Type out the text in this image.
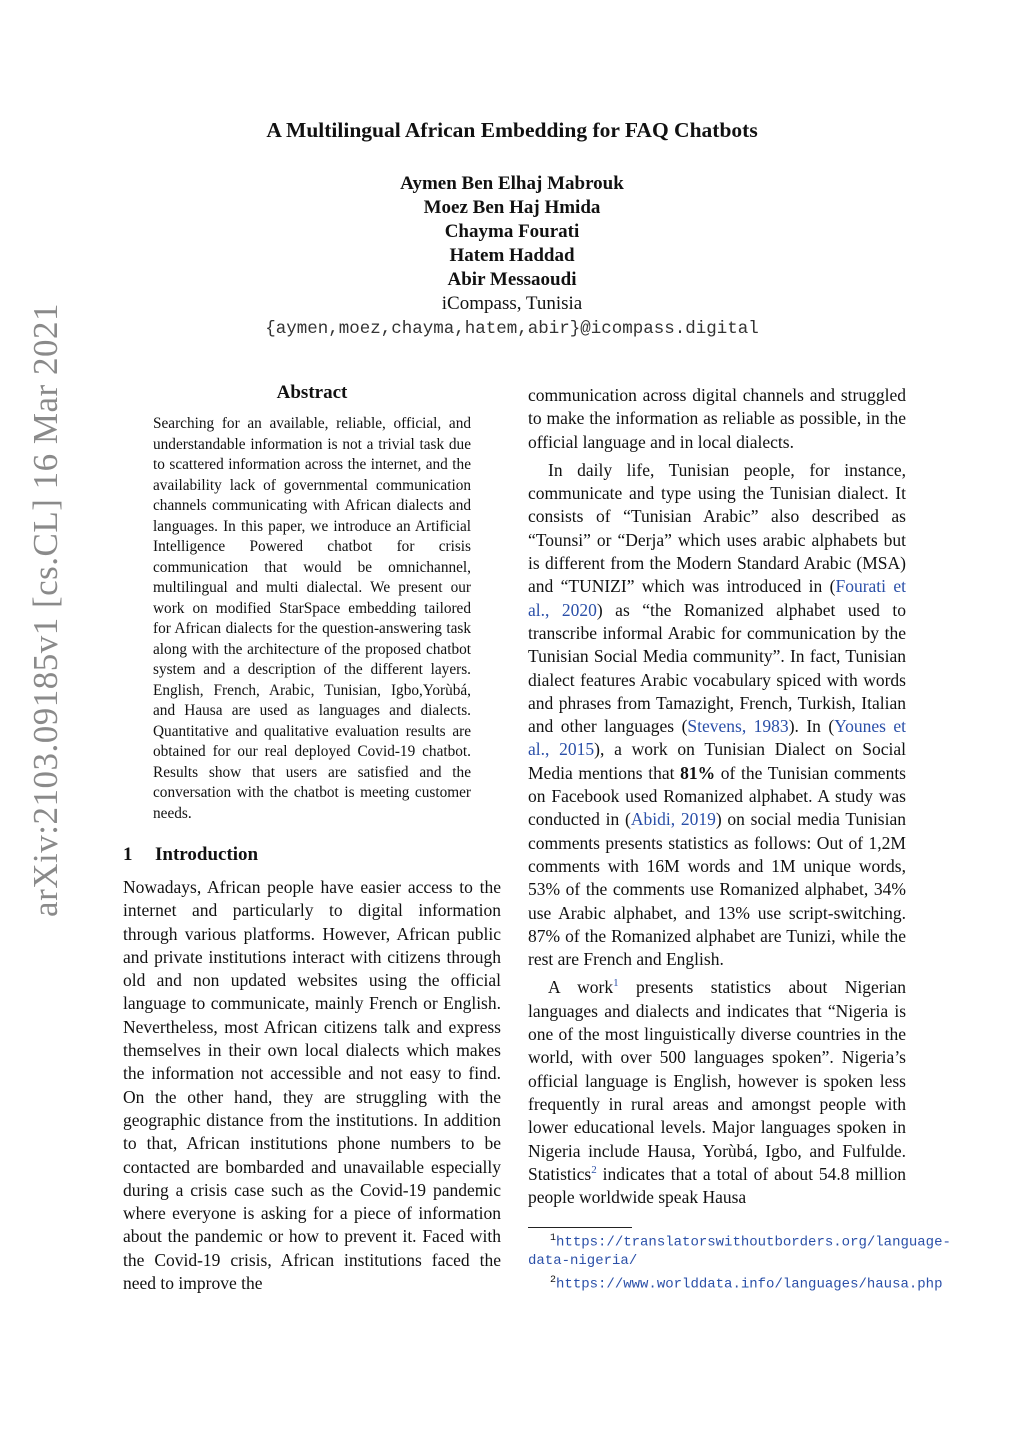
arXiv:2103.09185v1 [cs.CL] 16 Mar 2021
A Multilingual African Embedding for FAQ Chatbots
Aymen Ben Elhaj Mabrouk
Moez Ben Haj Hmida
Chayma Fourati
Hatem Haddad
Abir Messaoudi
iCompass, Tunisia
{aymen,moez,chayma,hatem,abir}@icompass.digital
Abstract
Searching for an available, reliable, official, and understandable information is not a trivial task due to scattered information across the internet, and the availability lack of governmental communication channels communicating with African dialects and languages. In this paper, we introduce an Artificial Intelligence Powered chatbot for crisis communication that would be omnichannel, multilingual and multi dialectal. We present our work on modified StarSpace embedding tailored for African dialects for the question-answering task along with the architecture of the proposed chatbot system and a description of the different layers. English, French, Arabic, Tunisian, Igbo,Yorùbá, and Hausa are used as languages and dialects. Quantitative and qualitative evaluation results are obtained for our real deployed Covid-19 chatbot. Results show that users are satisfied and the conversation with the chatbot is meeting customer needs.
1	Introduction

Nowadays, African people have easier access to the internet and particularly to digital information through various platforms. However, African public and private institutions interact with citizens through old and non updated websites using the official language to communicate, mainly French or English. Nevertheless, most African citizens talk and express themselves in their own local dialects which makes the information not accessible and not easy to find. On the other hand, they are struggling with the geographic distance from the institutions. In addition to that, African institutions phone numbers to be contacted are bombarded and unavailable especially during a crisis case such as the Covid-19 pandemic where everyone is asking for a piece of information about the pandemic or how to prevent it. Faced with the Covid-19 crisis, African institutions faced the need to improve the

communication across digital channels and struggled to make the information as reliable as possible, in the official language and in local dialects.

In daily life, Tunisian people, for instance, communicate and type using the Tunisian dialect. It consists of “Tunisian Arabic” also described as “Tounsi” or “Derja” which uses arabic alphabets but is different from the Modern Standard Arabic (MSA) and “TUNIZI” which was introduced in (Fourati et al., 2020) as “the Romanized alphabet used to transcribe informal Arabic for communication by the Tunisian Social Media community”. In fact, Tunisian dialect features Arabic vocabulary spiced with words and phrases from Tamazight, French, Turkish, Italian and other languages (Stevens, 1983). In (Younes et al., 2015), a work on Tunisian Dialect on Social Media mentions that 81% of the Tunisian comments on Facebook used Romanized alphabet. A study was conducted in (Abidi, 2019) on social media Tunisian comments presents statistics as follows: Out of 1,2M comments with 16M words and 1M unique words, 53% of the comments use Romanized alphabet, 34% use Arabic alphabet, and 13% use script-switching. 87% of the Romanized alphabet are Tunizi, while the rest are French and English.

A work$^1$ presents statistics about Nigerian languages and dialects and indicates that “Nigeria is one of the most linguistically diverse countries in the world, with over 500 languages spoken”. Nigeria’s official language is English, however is spoken less frequently in rural areas and amongst people with lower educational levels. Major languages spoken in Nigeria include Hausa, Yorùbá, Igbo, and Fulfulde. Statistics$^2$ indicates that a total of about 54.8 million people worldwide speak Hausa

$^1$https://translatorswithoutborders.org/language-data-nigeria/
$^2$https://www.worlddata.info/languages/hausa.php
